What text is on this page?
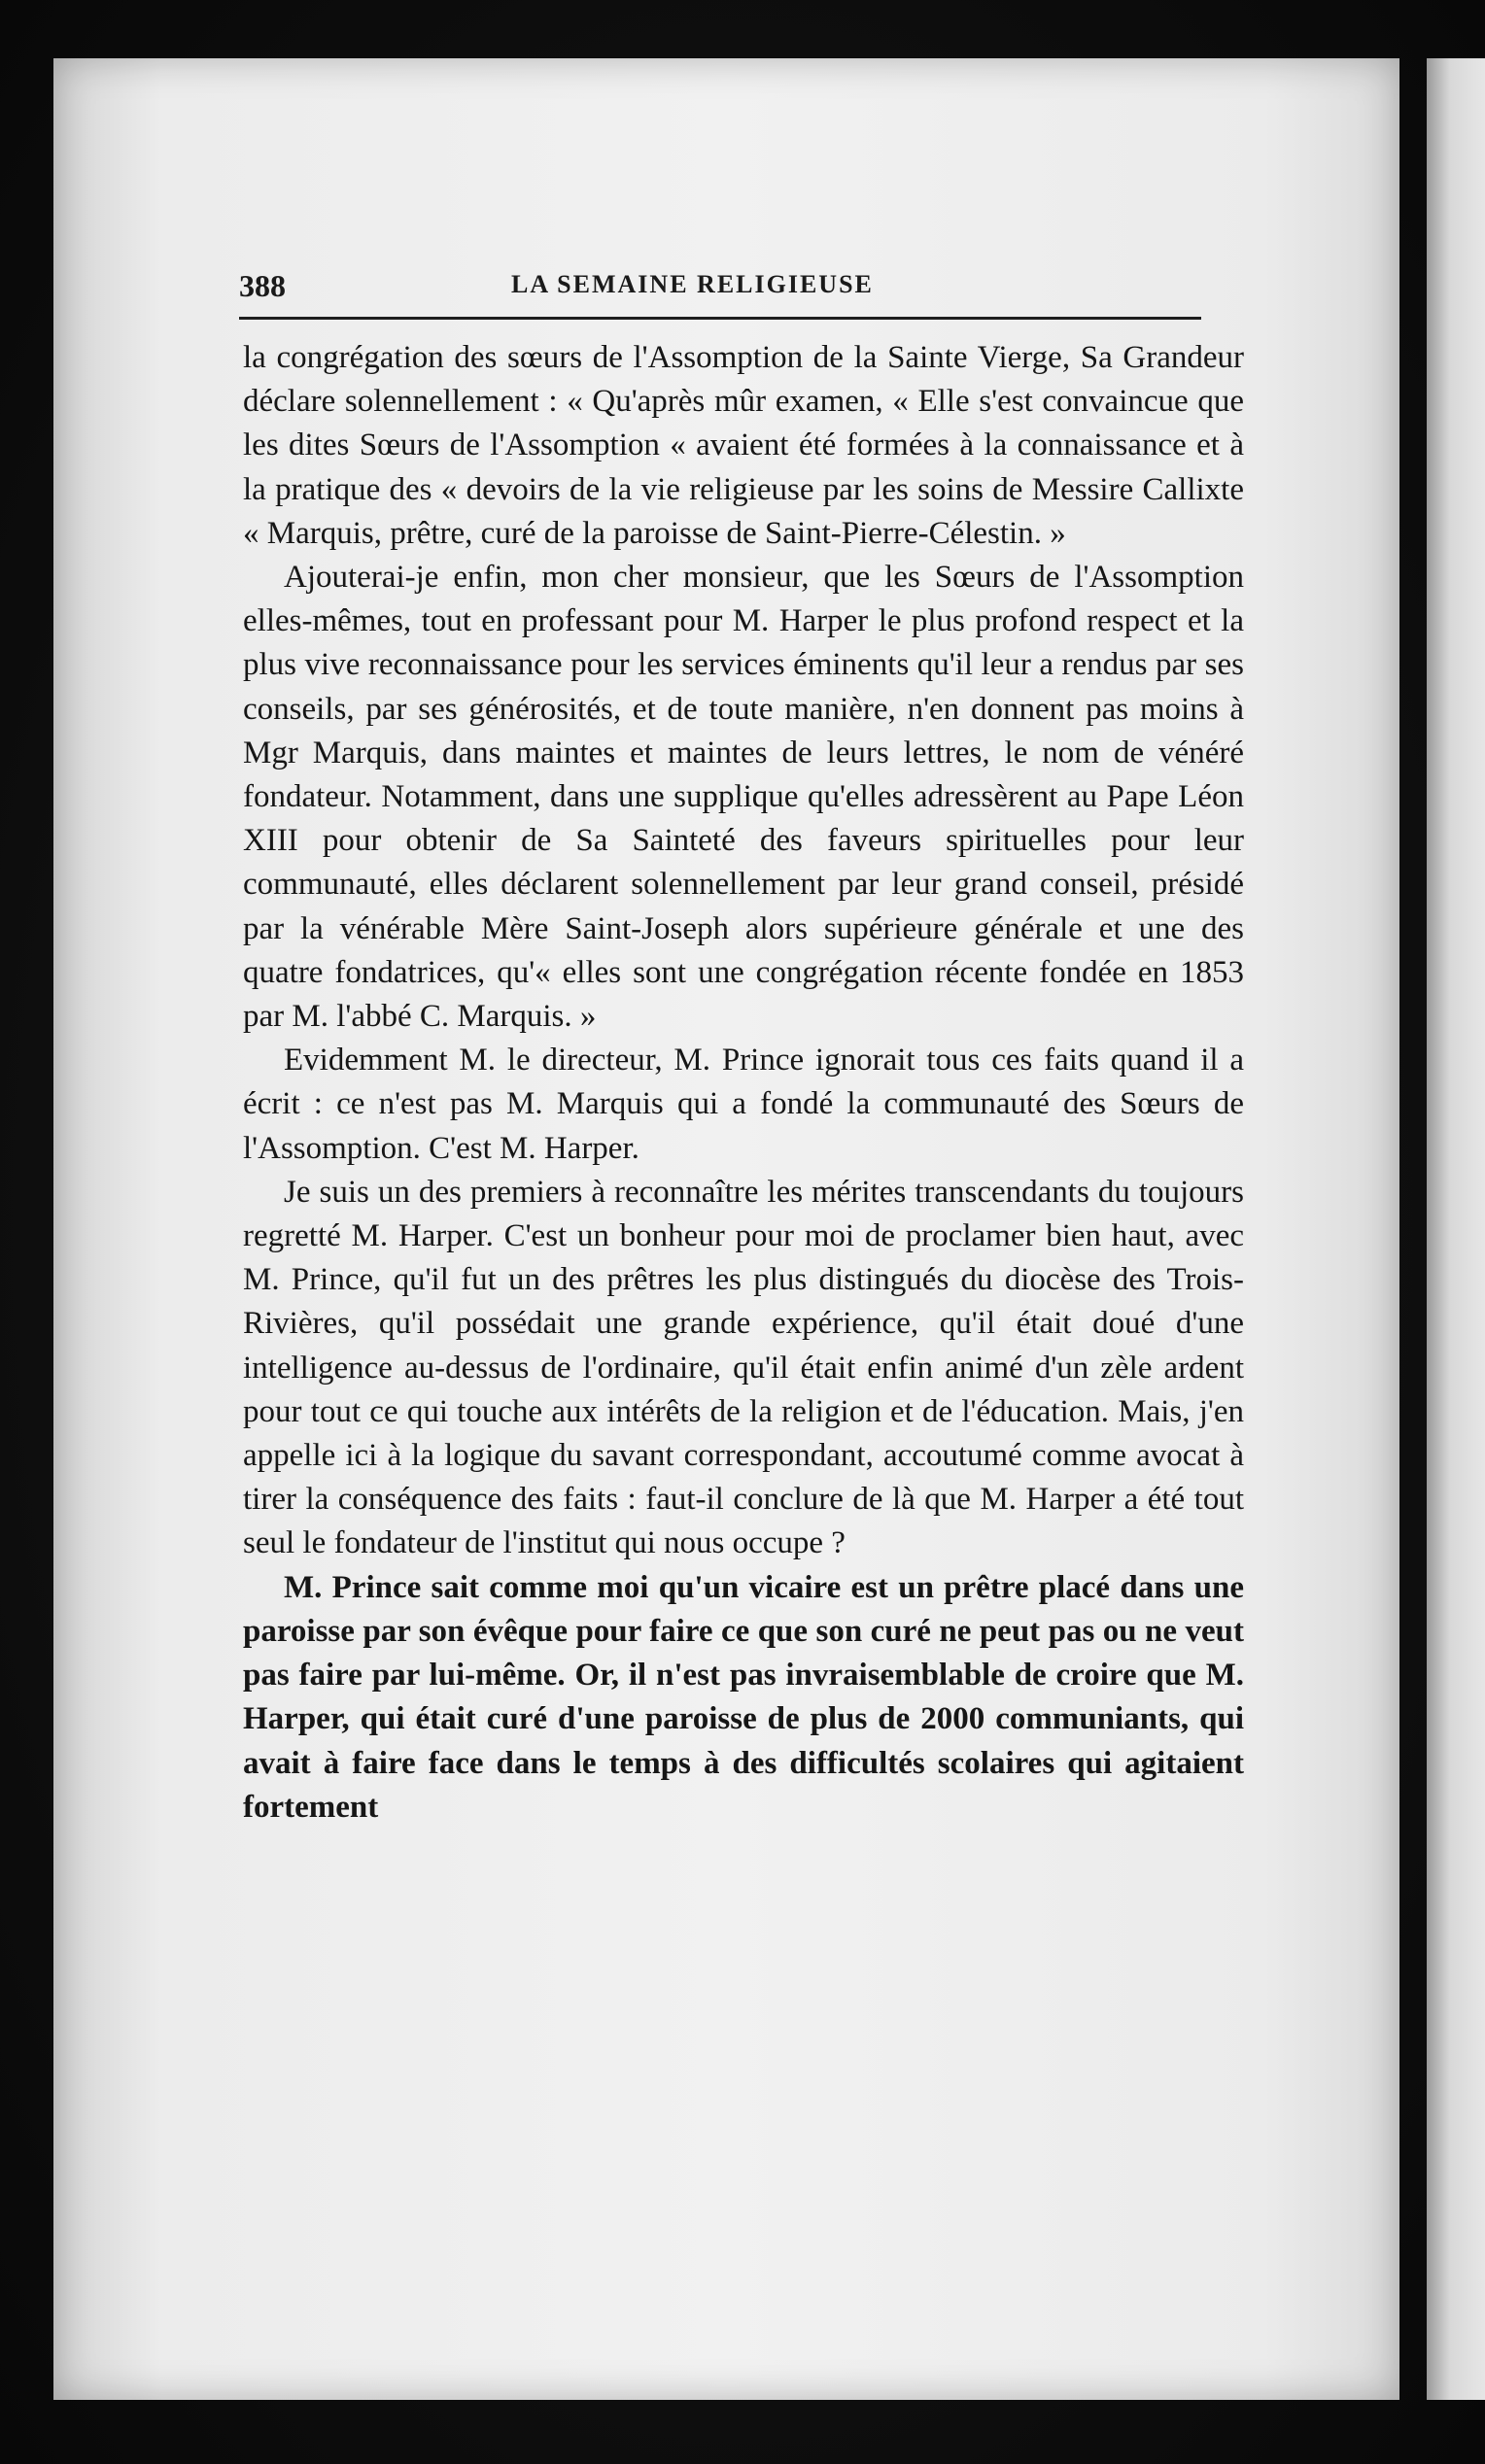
388	LA SEMAINE RELIGIEUSE

la congrégation des sœurs de l'Assomption de la Sainte Vierge, Sa Grandeur déclare solennellement : « Qu'après mûr examen, « Elle s'est convaincue que les dites Sœurs de l'Assomption « avaient été formées à la connaissance et à la pratique des « devoirs de la vie religieuse par les soins de Messire Callixte « Marquis, prêtre, curé de la paroisse de Saint-Pierre-Célestin. »

Ajouterai-je enfin, mon cher monsieur, que les Sœurs de l'Assomption elles-mêmes, tout en professant pour M. Harper le plus profond respect et la plus vive reconnaissance pour les services éminents qu'il leur a rendus par ses conseils, par ses générosités, et de toute manière, n'en donnent pas moins à Mgr Marquis, dans maintes et maintes de leurs lettres, le nom de vénéré fondateur. Notamment, dans une supplique qu'elles adressèrent au Pape Léon XIII pour obtenir de Sa Sainteté des faveurs spirituelles pour leur communauté, elles déclarent solennellement par leur grand conseil, présidé par la vénérable Mère Saint-Joseph alors supérieure générale et une des quatre fondatrices, qu'« elles sont une congrégation récente fondée en 1853 par M. l'abbé C. Marquis. »

Evidemment M. le directeur, M. Prince ignorait tous ces faits quand il a écrit : ce n'est pas M. Marquis qui a fondé la communauté des Sœurs de l'Assomption. C'est M. Harper.

Je suis un des premiers à reconnaître les mérites transcendants du toujours regretté M. Harper. C'est un bonheur pour moi de proclamer bien haut, avec M. Prince, qu'il fut un des prêtres les plus distingués du diocèse des Trois-Rivières, qu'il possédait une grande expérience, qu'il était doué d'une intelligence au-dessus de l'ordinaire, qu'il était enfin animé d'un zèle ardent pour tout ce qui touche aux intérêts de la religion et de l'éducation. Mais, j'en appelle ici à la logique du savant correspondant, accoutumé comme avocat à tirer la conséquence des faits : faut-il conclure de là que M. Harper a été tout seul le fondateur de l'institut qui nous occupe ?

M. Prince sait comme moi qu'un vicaire est un prêtre placé dans une paroisse par son évêque pour faire ce que son curé ne peut pas ou ne veut pas faire par lui-même. Or, il n'est pas invraisemblable de croire que M. Harper, qui était curé d'une paroisse de plus de 2000 communiants, qui avait à faire face dans le temps à des difficultés scolaires qui agitaient fortement
